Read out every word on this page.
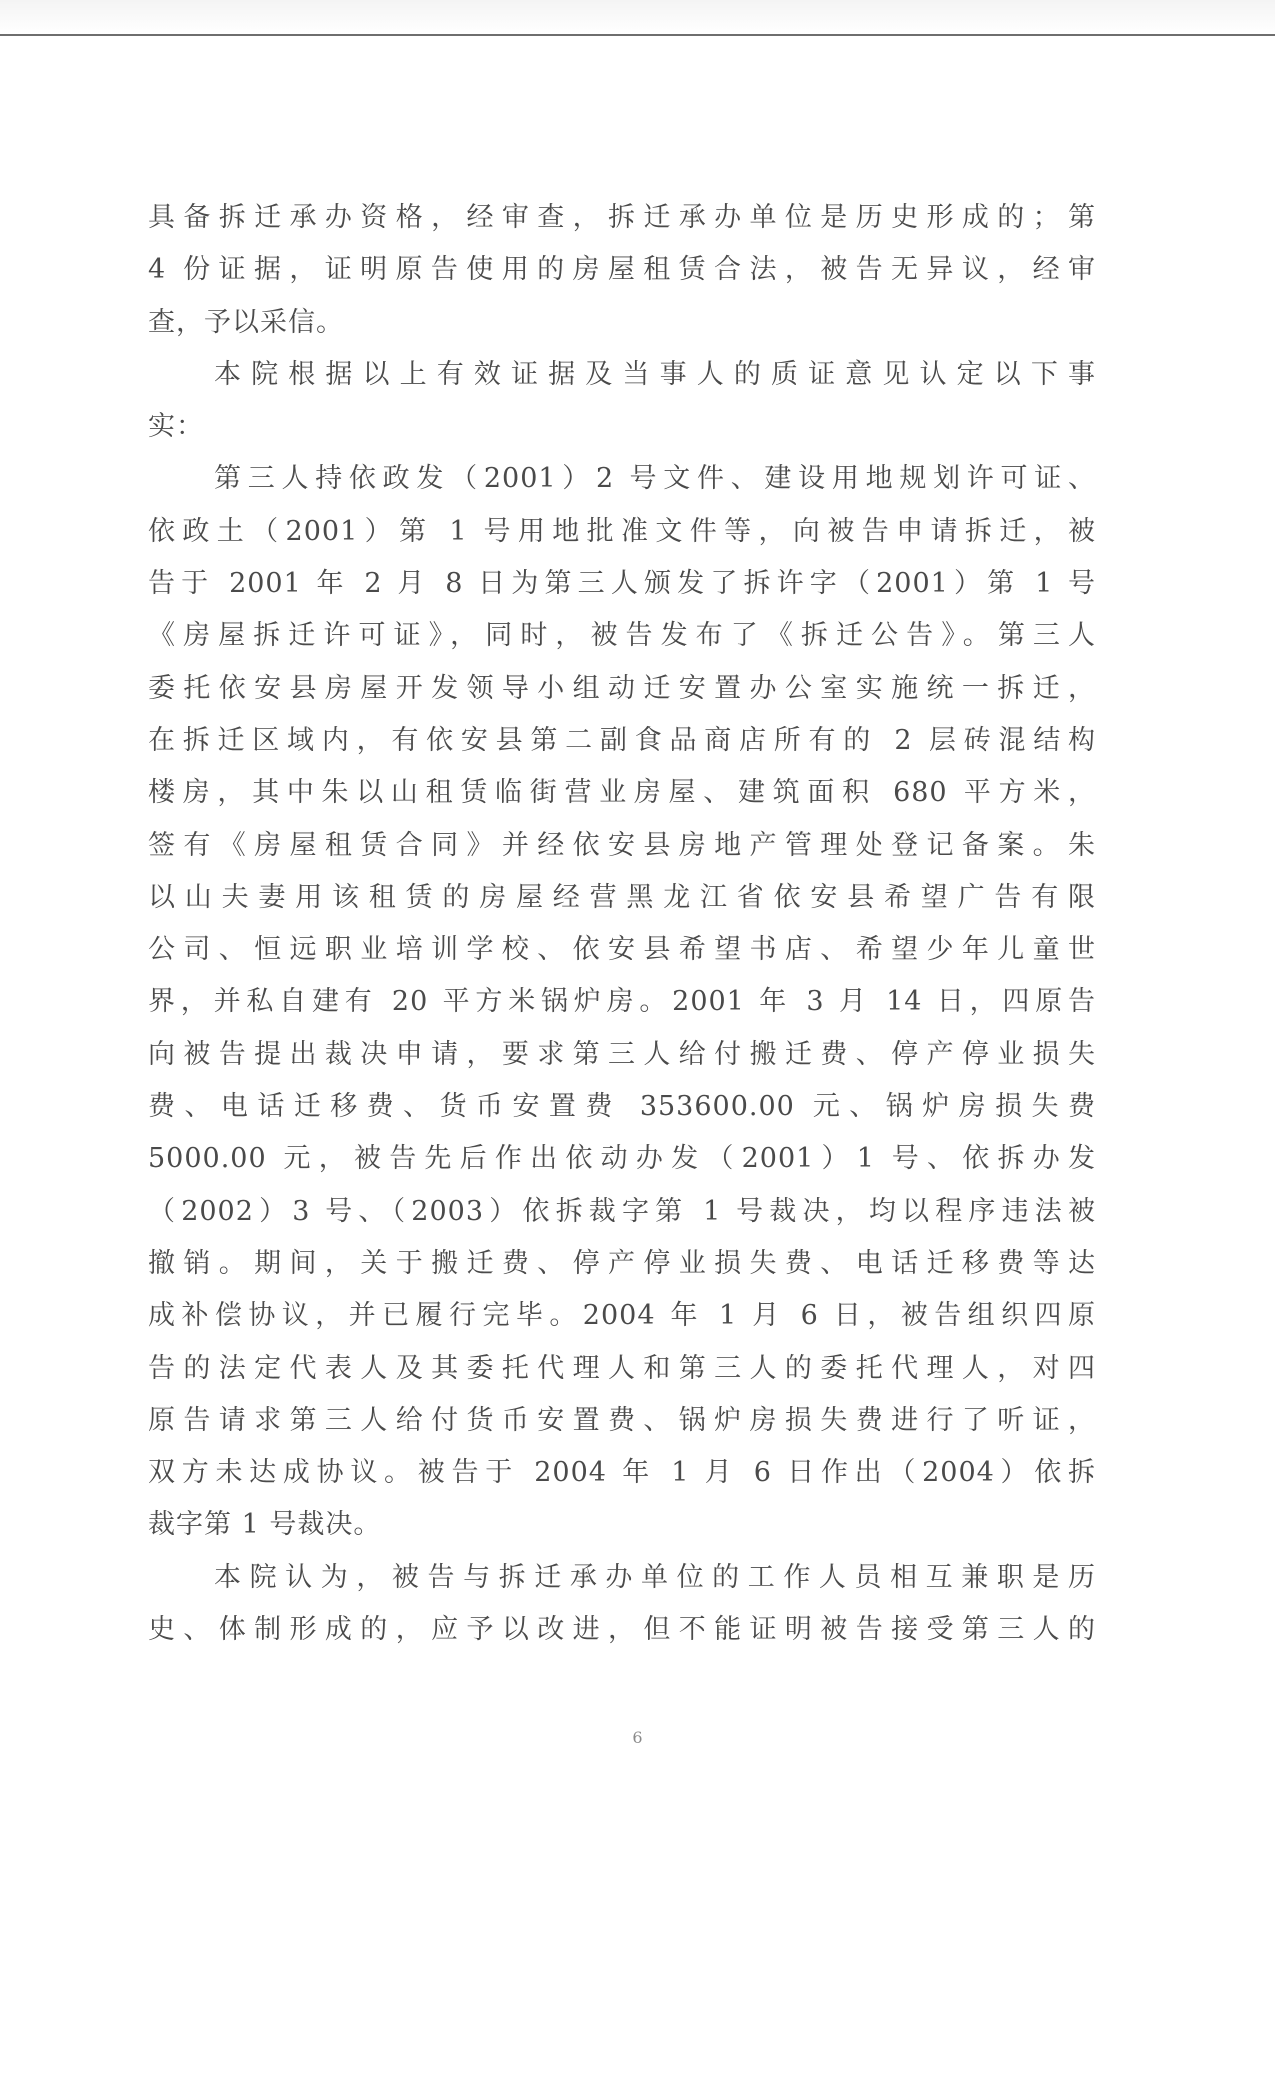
具备拆迁承办资格，经审查，拆迁承办单位是历史形成的；第
4 份证据，证明原告使用的房屋租赁合法，被告无异议，经审
查，予以采信。
本院根据以上有效证据及当事人的质证意见认定以下事
实：
第三人持依政发（2001）2 号文件、建设用地规划许可证、
依政土（2001）第 1 号用地批准文件等，向被告申请拆迁，被
告于 2001 年 2 月 8 日为第三人颁发了拆许字（2001）第 1 号
《房屋拆迁许可证》，同时，被告发布了《拆迁公告》。第三人
委托依安县房屋开发领导小组动迁安置办公室实施统一拆迁，
在拆迁区域内，有依安县第二副食品商店所有的 2 层砖混结构
楼房，其中朱以山租赁临街营业房屋、建筑面积 680 平方米，
签有《房屋租赁合同》并经依安县房地产管理处登记备案。朱
以山夫妻用该租赁的房屋经营黑龙江省依安县希望广告有限
公司、恒远职业培训学校、依安县希望书店、希望少年儿童世
界，并私自建有 20 平方米锅炉房。2001 年 3 月 14 日，四原告
向被告提出裁决申请，要求第三人给付搬迁费、停产停业损失
费、电话迁移费、货币安置费 353600.00 元、锅炉房损失费
5000.00 元，被告先后作出依动办发（2001）1 号、依拆办发
（2002）3 号、（2003）依拆裁字第 1 号裁决，均以程序违法被
撤销。期间，关于搬迁费、停产停业损失费、电话迁移费等达
成补偿协议，并已履行完毕。2004 年 1 月 6 日，被告组织四原
告的法定代表人及其委托代理人和第三人的委托代理人，对四
原告请求第三人给付货币安置费、锅炉房损失费进行了听证，
双方未达成协议。被告于 2004 年 1 月 6 日作出（2004）依拆
裁字第 1 号裁决。
本院认为，被告与拆迁承办单位的工作人员相互兼职是历
史、体制形成的，应予以改进，但不能证明被告接受第三人的
6
